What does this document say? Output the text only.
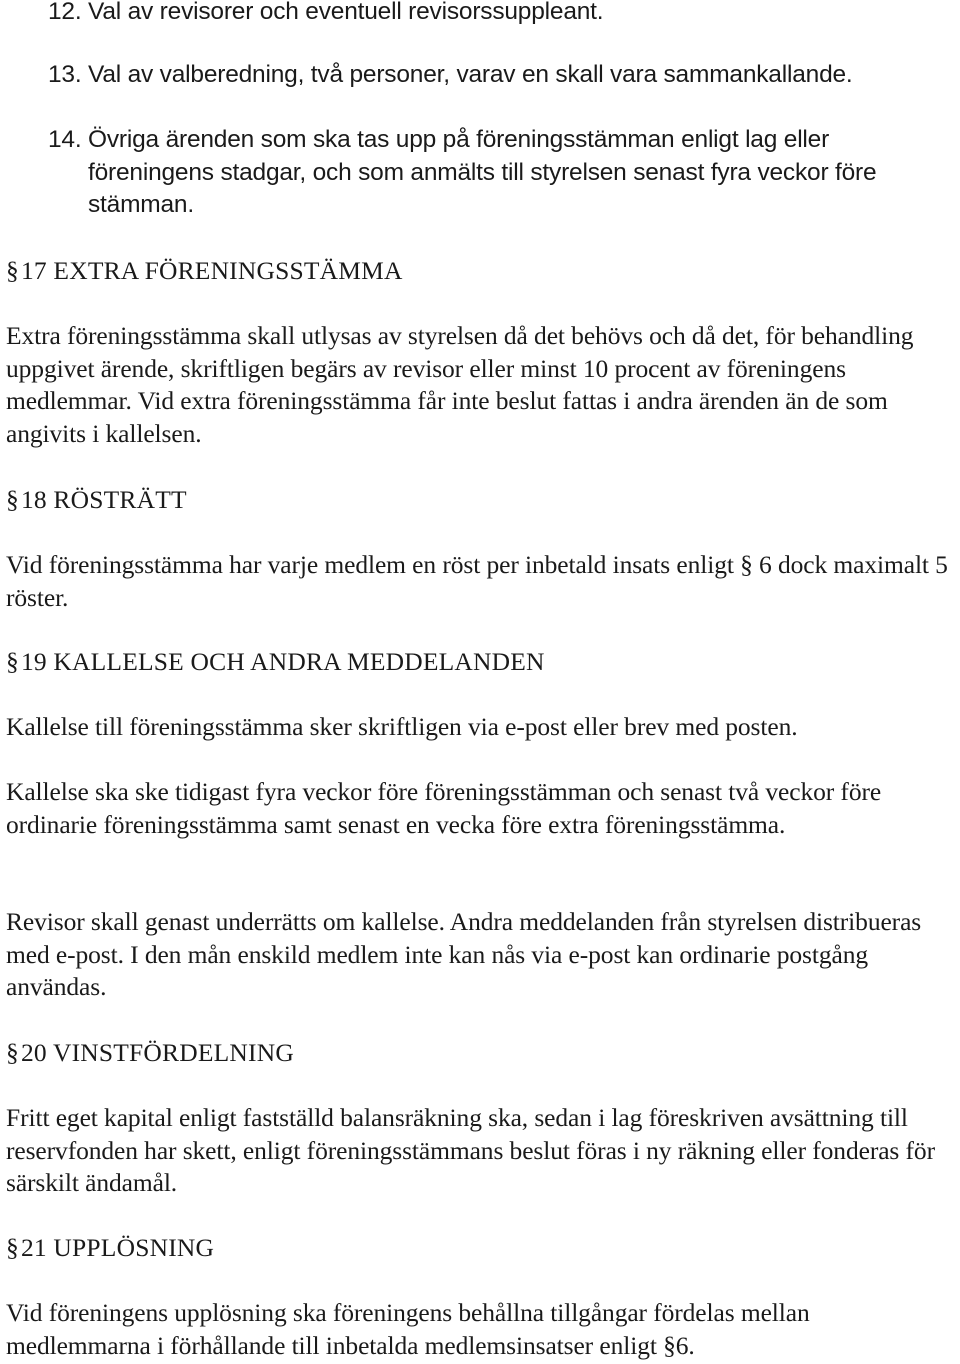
12. Val av revisorer och eventuell revisorssuppleant.
13. Val av valberedning, två personer, varav en skall vara sammankallande.
14. Övriga ärenden som ska tas upp på föreningsstämman enligt lag eller föreningens stadgar, och som anmälts till styrelsen senast fyra veckor före stämman.
§17 EXTRA FÖRENINGSSTÄMMA

Extra föreningsstämma skall utlysas av styrelsen då det behövs och då det, för behandling uppgivet ärende, skriftligen begärs av revisor eller minst 10 procent av föreningens medlemmar. Vid extra föreningsstämma får inte beslut fattas i andra ärenden än de som angivits i kallelsen.

§18 RÖSTRÄTT

Vid föreningsstämma har varje medlem en röst per inbetald insats enligt § 6 dock maximalt 5 röster.

§19 KALLELSE OCH ANDRA MEDDELANDEN

Kallelse till föreningsstämma sker skriftligen via e-post eller brev med posten.

Kallelse ska ske tidigast fyra veckor före föreningsstämman och senast två veckor före ordinarie föreningsstämma samt senast en vecka före extra föreningsstämma.

Revisor skall genast underrätts om kallelse. Andra meddelanden från styrelsen distribueras med e-post. I den mån enskild medlem inte kan nås via e-post kan ordinarie postgång användas.

§20 VINSTFÖRDELNING

Fritt eget kapital enligt fastställd balansräkning ska, sedan i lag föreskriven avsättning till reservfonden har skett, enligt föreningsstämmans beslut föras i ny räkning eller fonderas för särskilt ändamål.

§21 UPPLÖSNING

Vid föreningens upplösning ska föreningens behållna tillgångar fördelas mellan medlemmarna i förhållande till inbetalda medlemsinsatser enligt §6.
